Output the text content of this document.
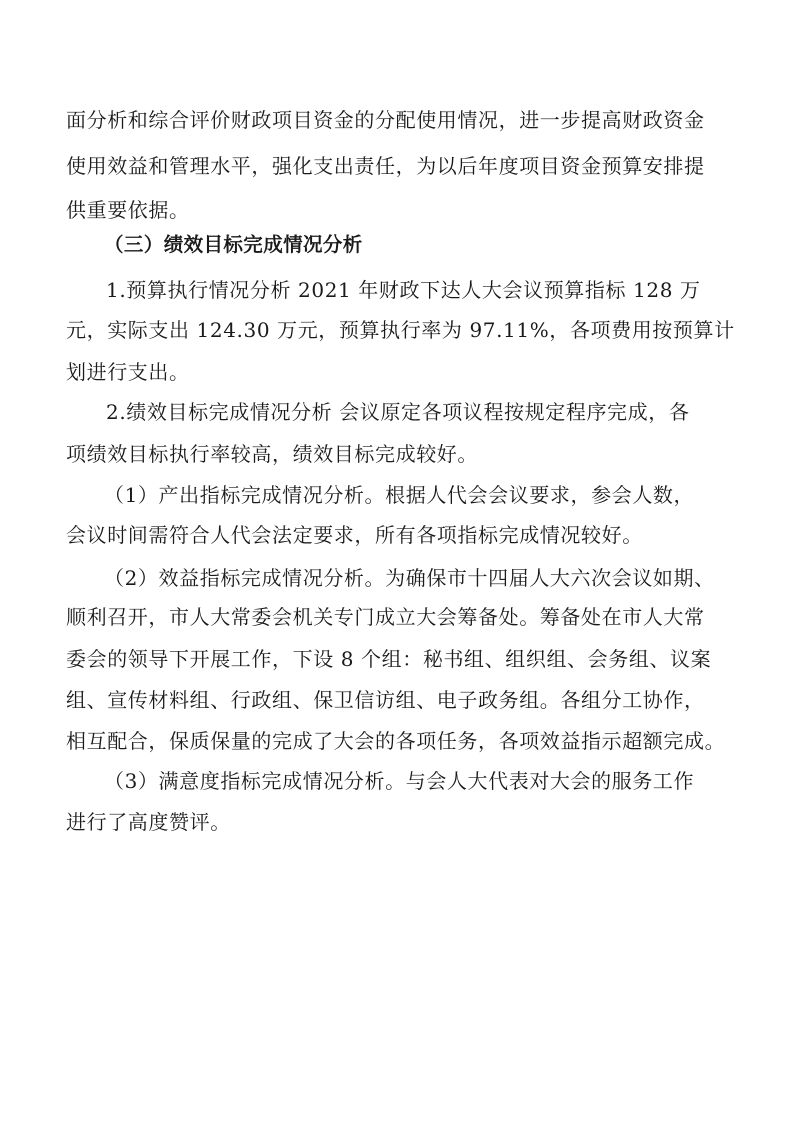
面分析和综合评价财政项目资金的分配使用情况，进一步提高财政资金
使用效益和管理水平，强化支出责任，为以后年度项目资金预算安排提
供重要依据。
（三）绩效目标完成情况分析
1.预算执行情况分析 2021 年财政下达人大会议预算指标 128 万
元，实际支出 124.30 万元，预算执行率为 97.11%，各项费用按预算计
划进行支出。
2.绩效目标完成情况分析 会议原定各项议程按规定程序完成，各
项绩效目标执行率较高，绩效目标完成较好。
（1）产出指标完成情况分析。根据人代会会议要求，参会人数，
会议时间需符合人代会法定要求，所有各项指标完成情况较好。
（2）效益指标完成情况分析。为确保市十四届人大六次会议如期、
顺利召开，市人大常委会机关专门成立大会筹备处。筹备处在市人大常
委会的领导下开展工作，下设 8 个组：秘书组、组织组、会务组、议案
组、宣传材料组、行政组、保卫信访组、电子政务组。各组分工协作，
相互配合，保质保量的完成了大会的各项任务，各项效益指示超额完成。
（3）满意度指标完成情况分析。与会人大代表对大会的服务工作
进行了高度赞评。
